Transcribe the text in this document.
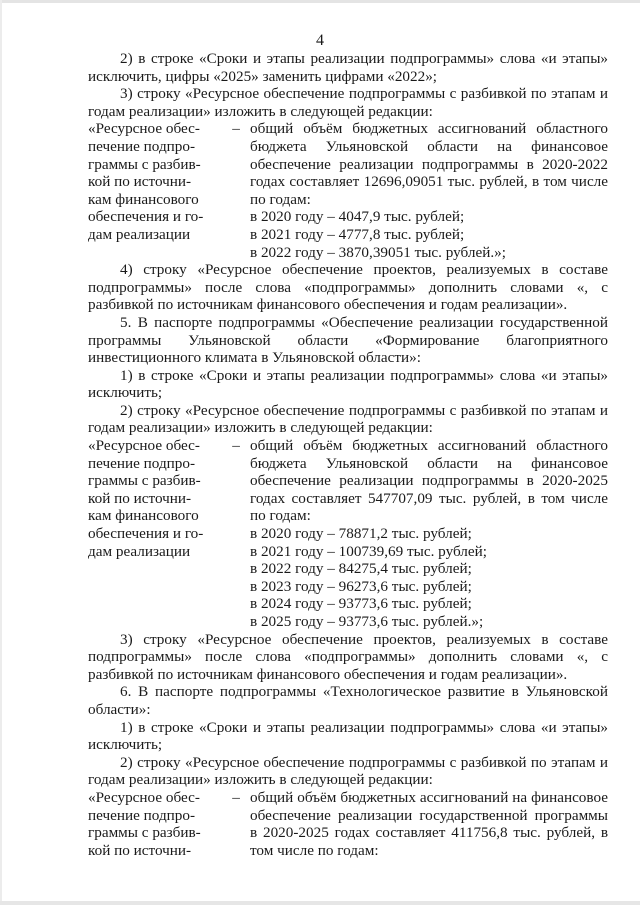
4

2) в строке «Сроки и этапы реализации подпрограммы» слова «и этапы» исключить, цифры «2025» заменить цифрами «2022»;

3) строку «Ресурсное обеспечение подпрограммы с разбивкой по этапам и годам реализации» изложить в следующей редакции:

«Ресурсное обес-
печение подпро-
граммы с разбив-
кой по источни-
кам финансового
обеспечения и го-
дам реализации
– общий объём бюджетных ассигнований областного бюджета Ульяновской области на финансовое обеспечение реализации подпрограммы в 2020-2022 годах составляет 12696,09051 тыс. рублей, в том числе по годам:

в 2020 году – 4047,9 тыс. рублей;
в 2021 году – 4777,8 тыс. рублей;
в 2022 году – 3870,39051 тыс. рублей.»;

4) строку «Ресурсное обеспечение проектов, реализуемых в составе подпрограммы» после слова «подпрограммы» дополнить словами «, с разбивкой по источникам финансового обеспечения и годам реализации».

5. В паспорте подпрограммы «Обеспечение реализации государственной программы Ульяновской области «Формирование благоприятного инвестиционного климата в Ульяновской области»:

1) в строке «Сроки и этапы реализации подпрограммы» слова «и этапы» исключить;

2) строку «Ресурсное обеспечение подпрограммы с разбивкой по этапам и годам реализации» изложить в следующей редакции:

«Ресурсное обес-
печение подпро-
граммы с разбив-
кой по источни-
кам финансового
обеспечения и го-
дам реализации
– общий объём бюджетных ассигнований областного бюджета Ульяновской области на финансовое обеспечение реализации подпрограммы в 2020-2025 годах составляет 547707,09 тыс. рублей, в том числе по годам:

в 2020 году – 78871,2 тыс. рублей;
в 2021 году – 100739,69 тыс. рублей;
в 2022 году – 84275,4 тыс. рублей;
в 2023 году – 96273,6 тыс. рублей;
в 2024 году – 93773,6 тыс. рублей;
в 2025 году – 93773,6 тыс. рублей.»;

3) строку «Ресурсное обеспечение проектов, реализуемых в составе подпрограммы» после слова «подпрограммы» дополнить словами «, с разбивкой по источникам финансового обеспечения и годам реализации».

6. В паспорте подпрограммы «Технологическое развитие в Ульяновской области»:

1) в строке «Сроки и этапы реализации подпрограммы» слова «и этапы» исключить;

2) строку «Ресурсное обеспечение подпрограммы с разбивкой по этапам и годам реализации» изложить в следующей редакции:

«Ресурсное обес-
печение подпро-
граммы с разбив-
кой по источни-
– общий объём бюджетных ассигнований на финансовое обеспечение реализации государственной программы в 2020-2025 годах составляет 411756,8 тыс. рублей, в том числе по годам:
